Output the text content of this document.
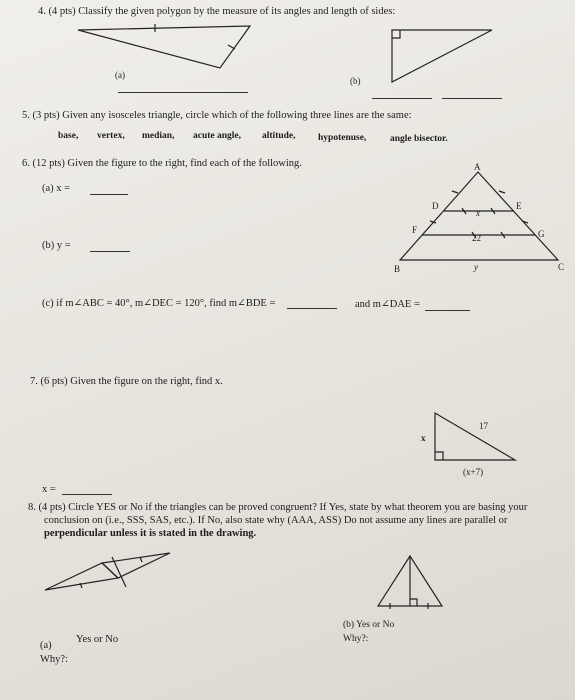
4. (4 pts) Classify the given polygon by the measure of its angles and length of sides:
(a)
(b)
5. (3 pts) Given any isosceles triangle, circle which of the following three lines are the same:
base, vertex, median, acute angle, altitude, hypotenuse, angle bisector.
6. (12 pts) Given the figure to the right, find each of the following.
(a) x =
(b) y =
A
D	E
F	G
B	C
x
y
22
(c) if m∠ABC = 40°, m∠DEC = 120°, find m∠BDE =	and m∠DAE =
7. (6 pts) Given the figure on the right, find x.
x
17
(x+7)
x =
8. (4 pts) Circle YES or No if the triangles can be proved congruent? If Yes, state by what theorem you are basing your
conclusion on (i.e., SSS, SAS, etc.). If No, also state why (AAA, ASS) Do not assume any lines are parallel or
perpendicular unless it is stated in the drawing.
(a)
Yes or No
Why?:
(b) Yes or No
Why?:
